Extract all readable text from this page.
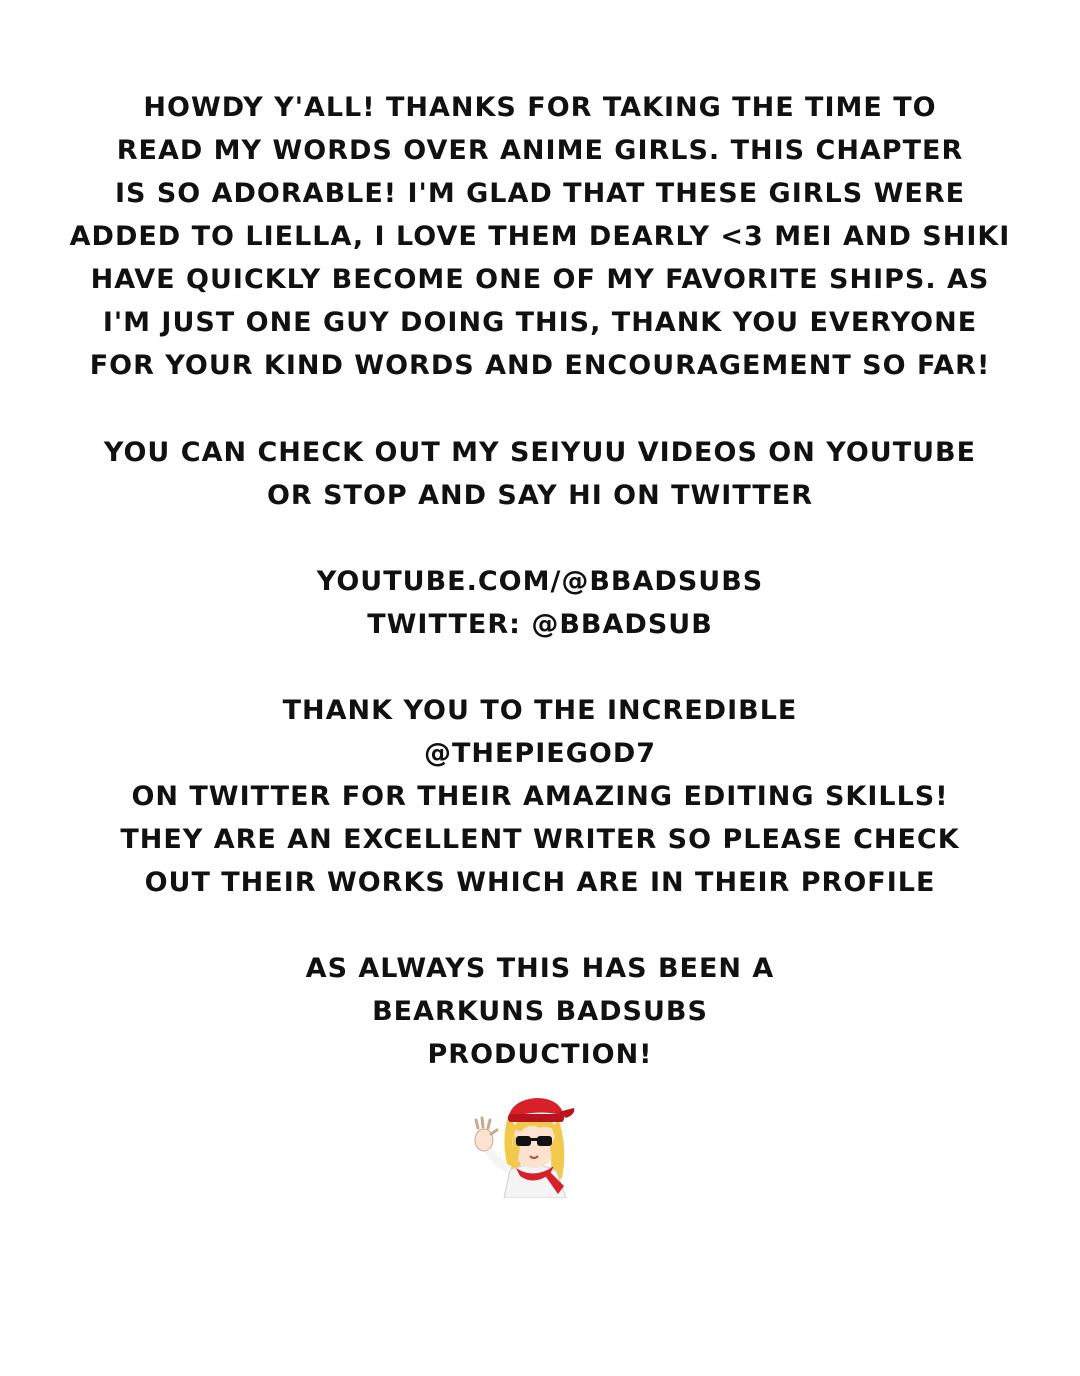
HOWDY Y'ALL! THANKS FOR TAKING THE TIME TO
READ MY WORDS OVER ANIME GIRLS. THIS CHAPTER
IS SO ADORABLE! I'M GLAD THAT THESE GIRLS WERE
ADDED TO LIELLA, I LOVE THEM DEARLY <3 MEI AND SHIKI
HAVE QUICKLY BECOME ONE OF MY FAVORITE SHIPS. AS
I'M JUST ONE GUY DOING THIS, THANK YOU EVERYONE
FOR YOUR KIND WORDS AND ENCOURAGEMENT SO FAR!
YOU CAN CHECK OUT MY SEIYUU VIDEOS ON YOUTUBE
OR STOP AND SAY HI ON TWITTER
YOUTUBE.COM/@BBADSUBS
TWITTER: @BBADSUB
THANK YOU TO THE INCREDIBLE
@THEPIEGOD7
ON TWITTER FOR THEIR AMAZING EDITING SKILLS!
THEY ARE AN EXCELLENT WRITER SO PLEASE CHECK
OUT THEIR WORKS WHICH ARE IN THEIR PROFILE
AS ALWAYS THIS HAS BEEN A
BEARKUNS BADSUBS
PRODUCTION!
